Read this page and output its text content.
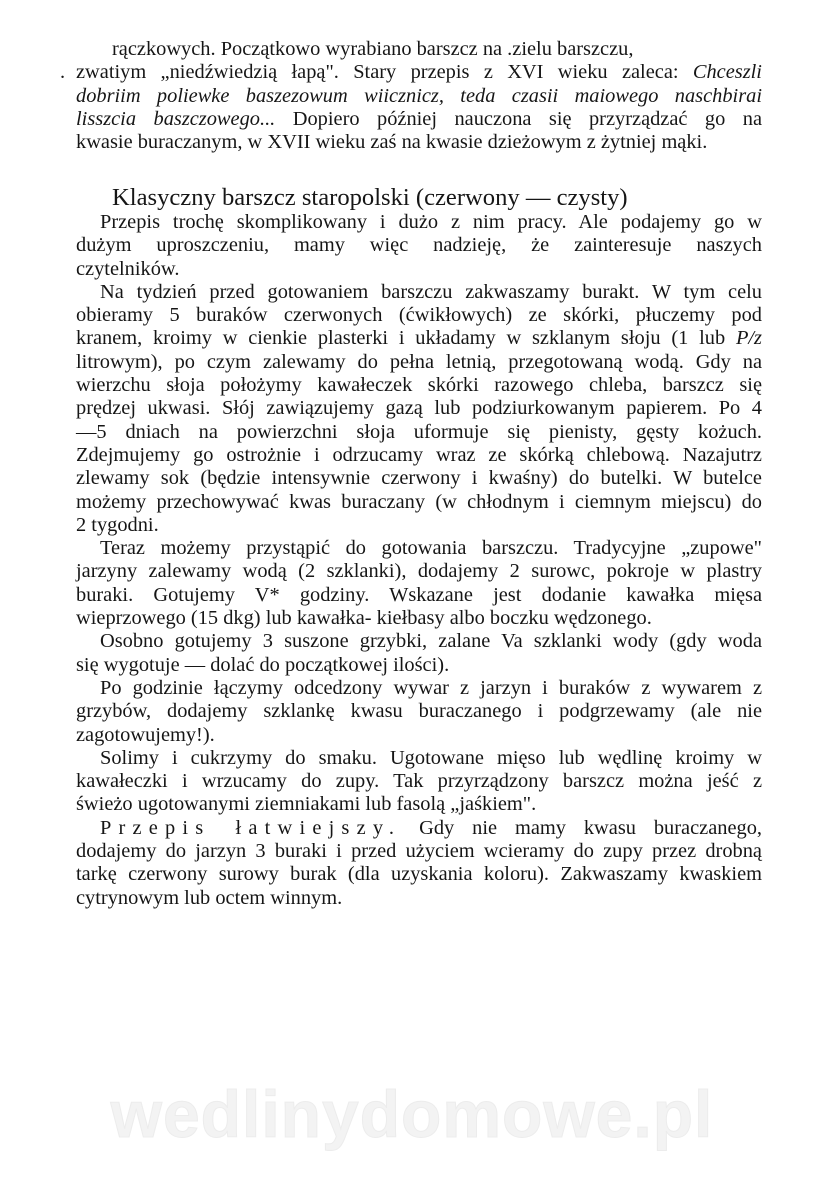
rączkowych. Początkowo wyrabiano barszcz na .zielu barszczu,
. zwatiym „niedźwiedzią łapą". Stary przepis z XVI wieku zaleca: Chceszli
dobriim poliewke baszezowum wiicznicz, teda czasii maiowego naschbirai
lisszcia baszczowego... Dopiero później nauczona się przyrządzać go na
kwasie buraczanym, w XVII wieku zaś na kwasie dzieżowym z żytniej mąki.
Klasyczny barszcz staropolski (czerwony — czysty)
Przepis trochę skomplikowany i dużo z nim pracy. Ale podajemy go w
dużym uproszczeniu, mamy więc nadzieję, że zainteresuje naszych
czytelników.
Na tydzień przed gotowaniem barszczu zakwaszamy burakt. W tym celu
obieramy 5 buraków czerwonych (ćwikłowych) ze skórki, płuczemy pod
kranem, kroimy w cienkie plasterki i układamy w szklanym słoju (1 lub P/z
litrowym), po czym zalewamy do pełna letnią, przegotowaną wodą. Gdy na
wierzchu słoja położymy kawałeczek skórki razowego chleba, barszcz się
prędzej ukwasi. Słój zawiązujemy gazą lub podziurkowanym papierem. Po 4
—5 dniach na powierzchni słoja uformuje się pienisty, gęsty kożuch.
Zdejmujemy go ostrożnie i odrzucamy wraz ze skórką chlebową. Nazajutrz
zlewamy sok (będzie intensywnie czerwony i kwaśny) do butelki. W butelce
możemy przechowywać kwas buraczany (w chłodnym i ciemnym miejscu) do
2 tygodni.
Teraz możemy przystąpić do gotowania barszczu. Tradycyjne „zupowe"
jarzyny zalewamy wodą (2 szklanki), dodajemy 2 surowc, pokroje w plastry
buraki. Gotujemy V* godziny. Wskazane jest dodanie kawałka mięsa
wieprzowego (15 dkg) lub kawałka- kiełbasy albo boczku wędzonego.
Osobno gotujemy 3 suszone grzybki, zalane Va szklanki wody (gdy woda
się wygotuje — dolać do początkowej ilości).
Po godzinie łączymy odcedzony wywar z jarzyn i buraków z wywarem z
grzybów, dodajemy szklankę kwasu buraczanego i podgrzewamy (ale nie
zagotowujemy!).
Solimy i cukrzymy do smaku. Ugotowane mięso lub wędlinę kroimy w
kawałeczki i wrzucamy do zupy. Tak przyrządzony barszcz można jeść z
świeżo ugotowanymi ziemniakami lub fasolą „jaśkiem".
Przepis łatwiejszy. Gdy nie mamy kwasu buraczanego,
dodajemy do jarzyn 3 buraki i przed użyciem wcieramy do zupy przez drobną
tarkę czerwony surowy burak (dla uzyskania koloru). Zakwaszamy kwaskiem
cytrynowym lub octem winnym.
wedlinydomowe.pl
